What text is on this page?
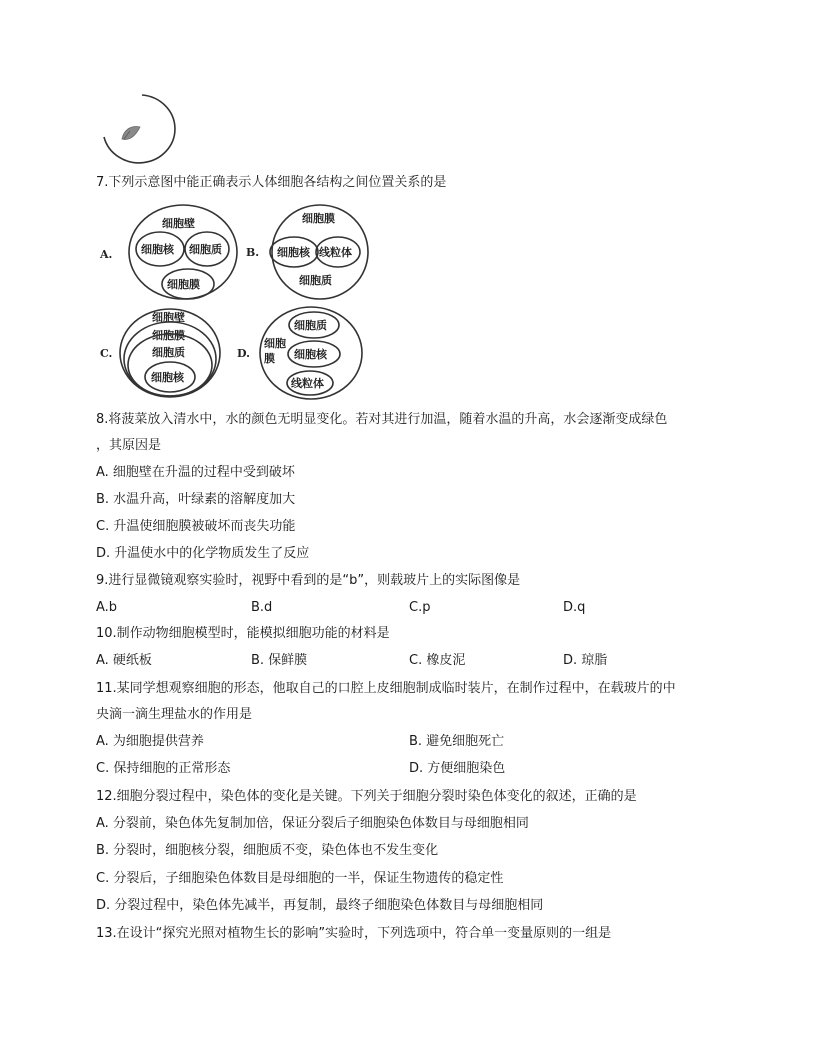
7.下列示意图中能正确表示人体细胞各结构之间位置关系的是
A.
细胞壁
细胞核 细胞质
细胞膜
B.
细胞膜
细胞核 线粒体
细胞质
C.
细胞壁
细胞膜
细胞质
细胞核
D.
细胞
膜
细胞质
细胞核
线粒体
8.将菠菜放入清水中，水的颜色无明显变化。若对其进行加温，随着水温的升高，水会逐渐变成绿色
，其原因是
A. 细胞壁在升温的过程中受到破坏
B. 水温升高，叶绿素的溶解度加大
C. 升温使细胞膜被破坏而丧失功能
D. 升温使水中的化学物质发生了反应
9.进行显微镜观察实验时，视野中看到的是“b”，则载玻片上的实际图像是
A.b	B.d	C.p	D.q
10.制作动物细胞模型时，能模拟细胞功能的材料是
A. 硬纸板	B. 保鲜膜	C. 橡皮泥	D. 琼脂
11.某同学想观察细胞的形态，他取自己的口腔上皮细胞制成临时装片，在制作过程中，在载玻片的中
央滴一滴生理盐水的作用是
A. 为细胞提供营养	B. 避免细胞死亡
C. 保持细胞的正常形态	D. 方便细胞染色
12.细胞分裂过程中，染色体的变化是关键。下列关于细胞分裂时染色体变化的叙述，正确的是
A. 分裂前，染色体先复制加倍，保证分裂后子细胞染色体数目与母细胞相同
B. 分裂时，细胞核分裂，细胞质不变，染色体也不发生变化
C. 分裂后，子细胞染色体数目是母细胞的一半，保证生物遗传的稳定性
D. 分裂过程中，染色体先减半，再复制，最终子细胞染色体数目与母细胞相同
13.在设计“探究光照对植物生长的影响”实验时，下列选项中，符合单一变量原则的一组是
